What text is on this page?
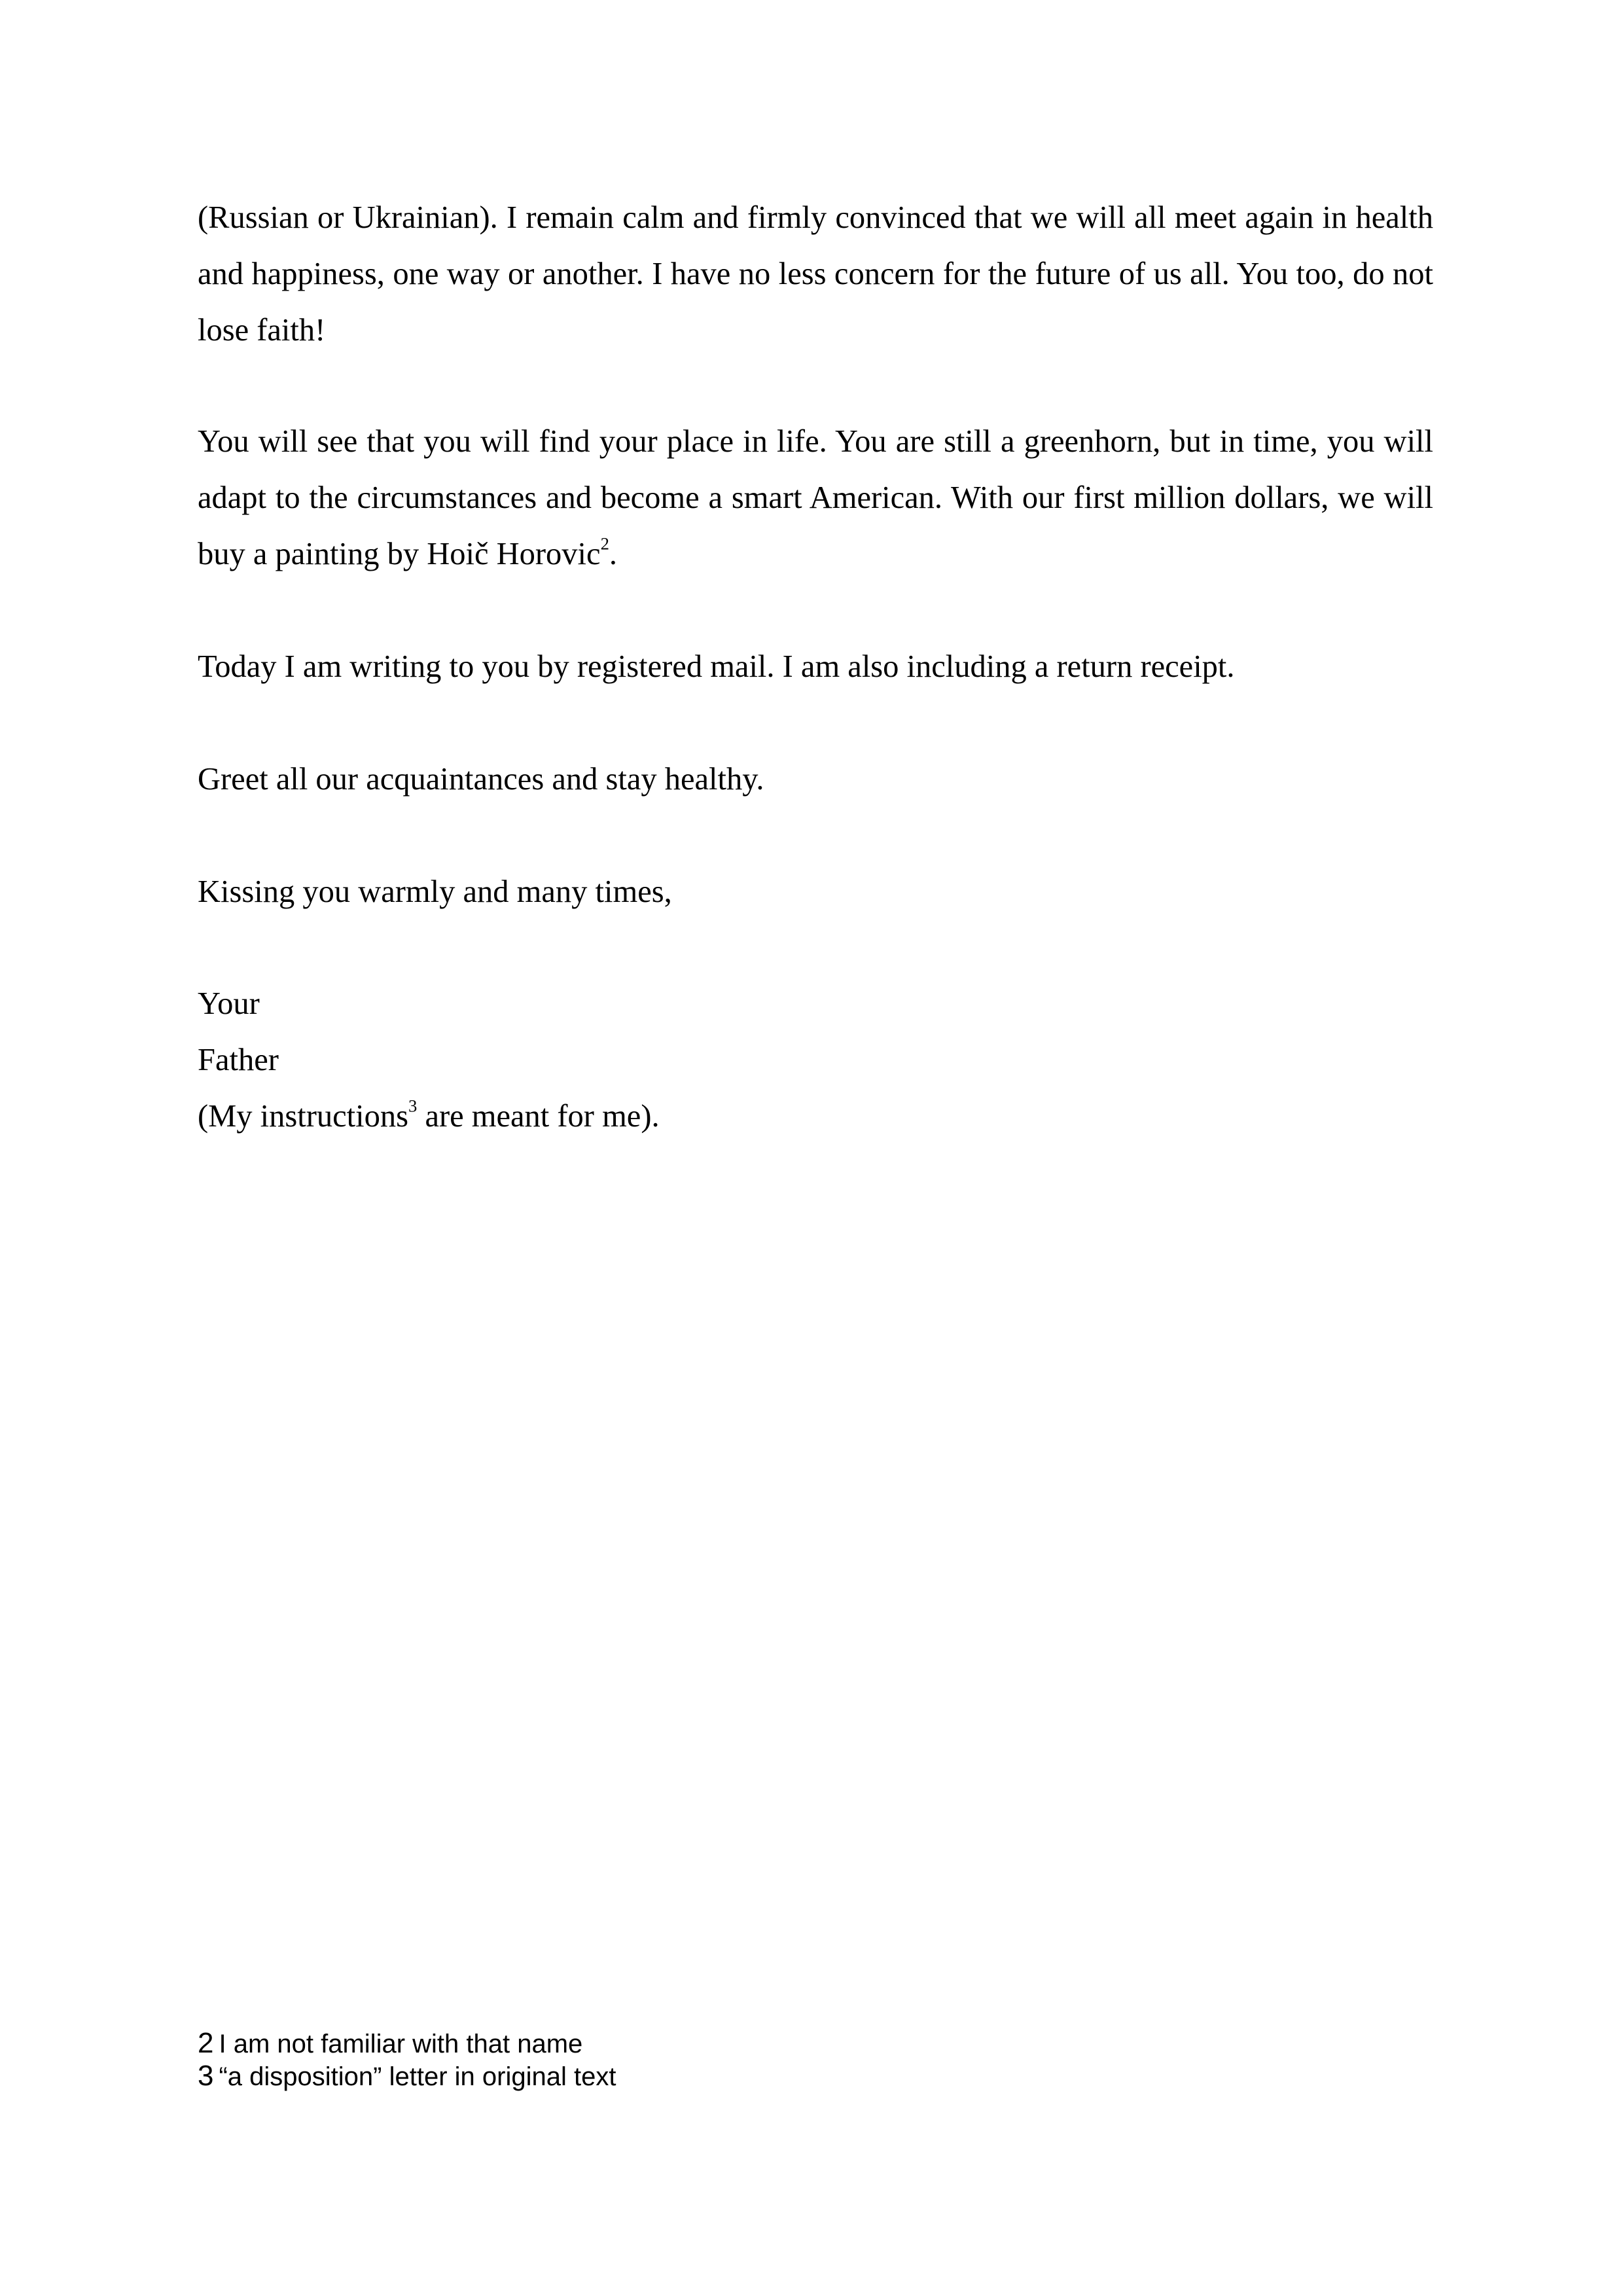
(Russian or Ukrainian). I remain calm and firmly convinced that we will all meet again in health and happiness, one way or another. I have no less concern for the future of us all. You too, do not lose faith!

You will see that you will find your place in life. You are still a greenhorn, but in time, you will adapt to the circumstances and become a smart American. With our first million dollars, we will buy a painting by Hoič Horovic$^2$.

Today I am writing to you by registered mail. I am also including a return receipt.

Greet all our acquaintances and stay healthy.

Kissing you warmly and many times,

Your

Father

(My instructions$^3$ are meant for me).

2 I am not familiar with that name

3 “a disposition” letter in original text
